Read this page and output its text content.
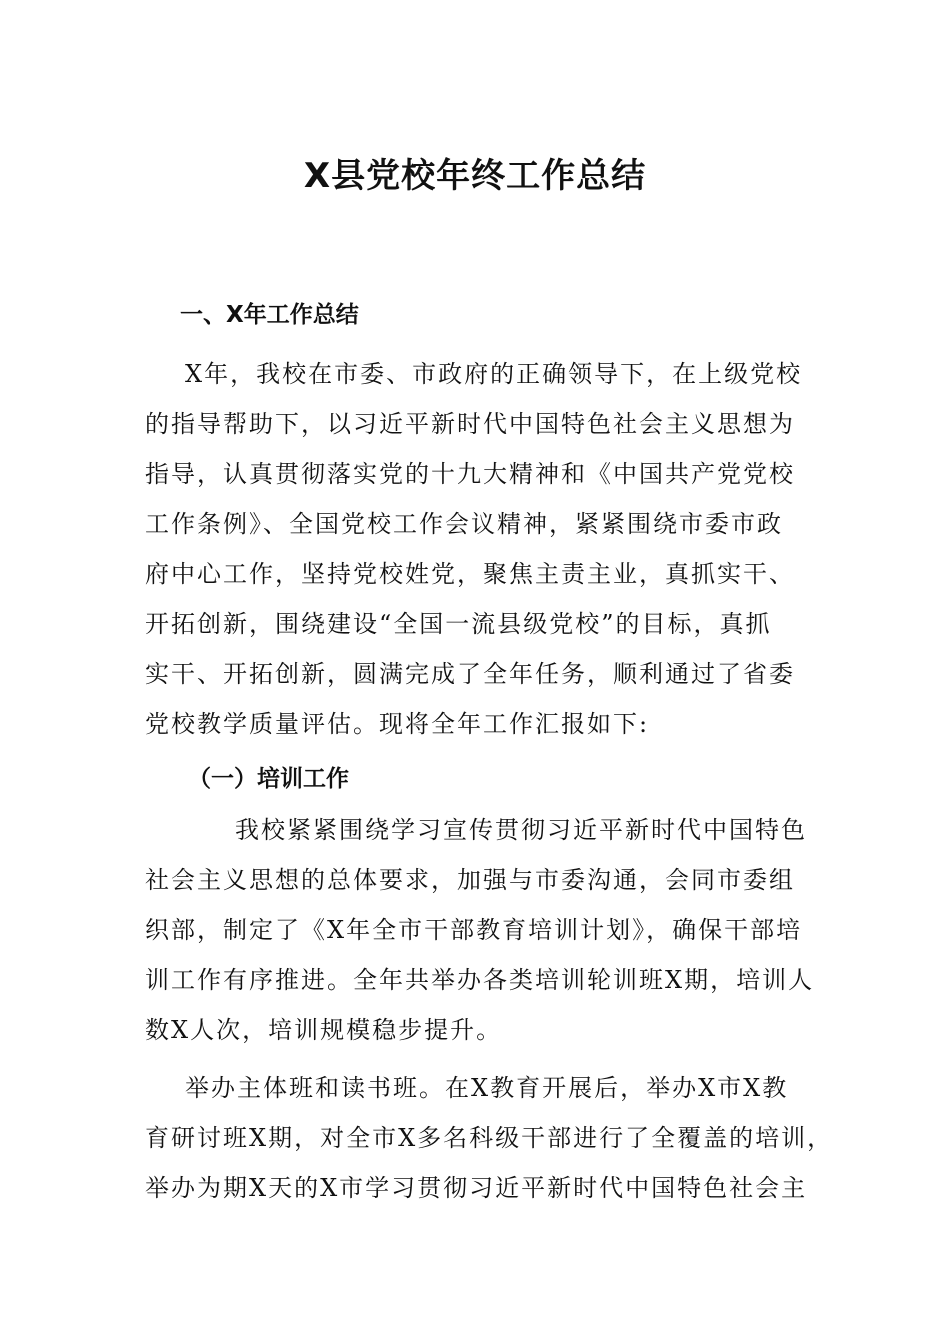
X县党校年终工作总结
一、X年工作总结
X年，我校在市委、市政府的正确领导下，在上级党校
的指导帮助下，以习近平新时代中国特色社会主义思想为
指导，认真贯彻落实党的十九大精神和《中国共产党党校
工作条例》、全国党校工作会议精神，紧紧围绕市委市政
府中心工作，坚持党校姓党，聚焦主责主业，真抓实干、
开拓创新，围绕建设“全国一流县级党校”的目标，真抓
实干、开拓创新，圆满完成了全年任务，顺利通过了省委
党校教学质量评估。现将全年工作汇报如下:
（一）培训工作
我校紧紧围绕学习宣传贯彻习近平新时代中国特色
社会主义思想的总体要求，加强与市委沟通，会同市委组
织部，制定了《X年全市干部教育培训计划》，确保干部培
训工作有序推进。全年共举办各类培训轮训班X期，培训人
数X人次，培训规模稳步提升。
举办主体班和读书班。在X教育开展后，举办X市X教
育研讨班X期，对全市X多名科级干部进行了全覆盖的培训，
举办为期X天的X市学习贯彻习近平新时代中国特色社会主
